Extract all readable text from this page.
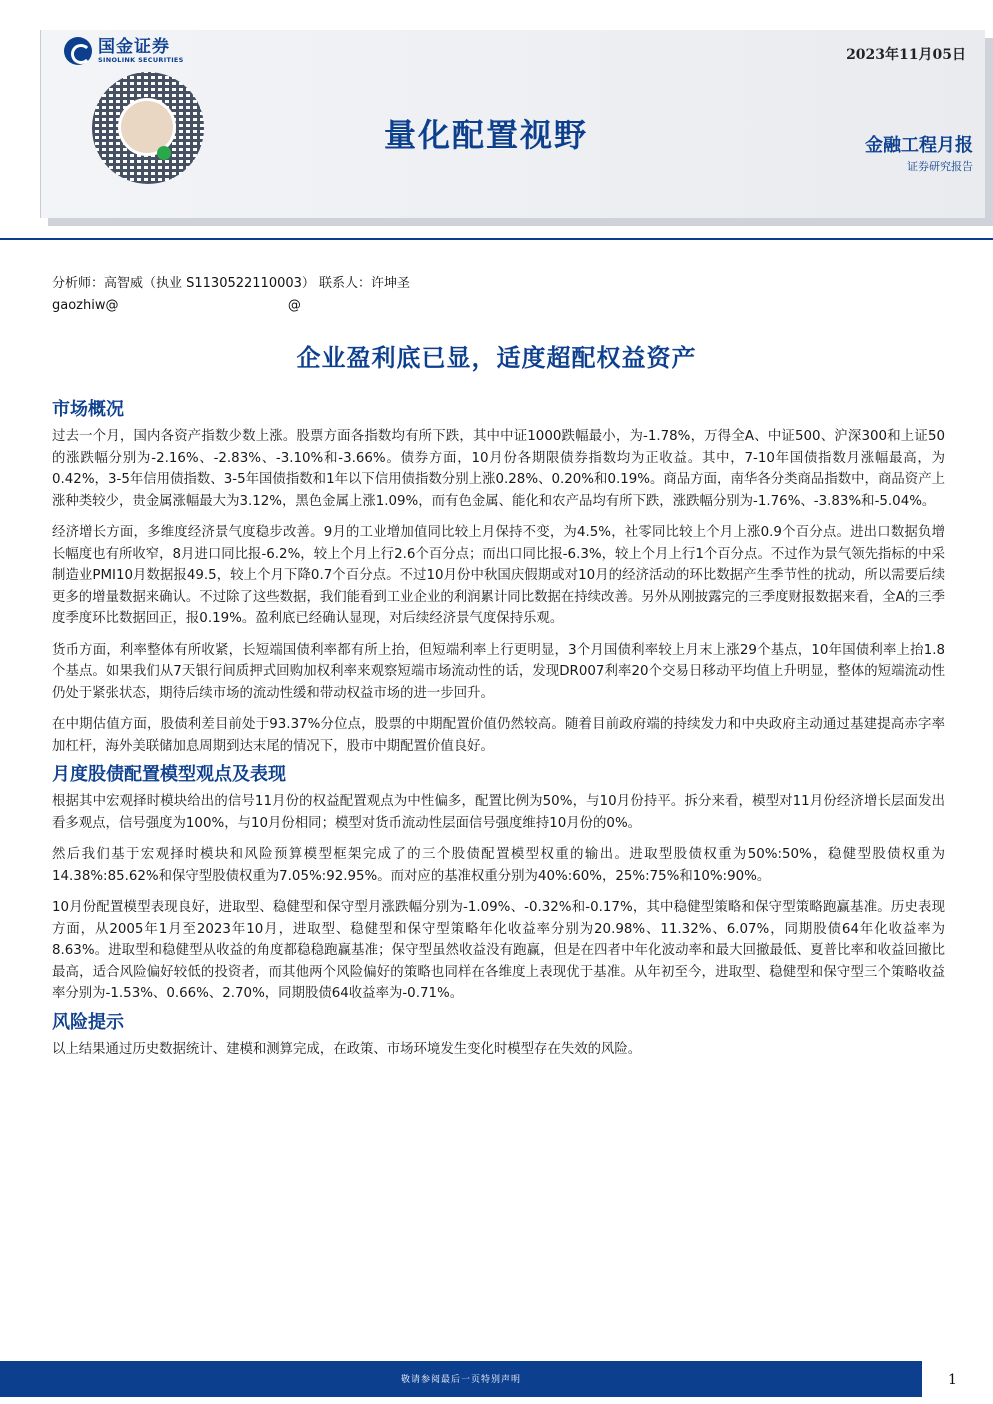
国金证券
SINOLINK SECURITIES	2023年11月05日
量化配置视野	金融工程月报
证券研究报告
分析师：高智威（执业 S1130522110003） 联系人：许坤圣
gaozhiw@                                         @
企业盈利底已显，适度超配权益资产
市场概况

过去一个月，国内各资产指数少数上涨。股票方面各指数均有所下跌，其中中证1000跌幅最小，为-1.78%，万得全A、中证500、沪深300和上证50的涨跌幅分别为-2.16%、-2.83%、-3.10%和-3.66%。债券方面，10月份各期限债券指数均为正收益。其中，7-10年国债指数月涨幅最高，为0.42%，3-5年信用债指数、3-5年国债指数和1年以下信用债指数分别上涨0.28%、0.20%和0.19%。商品方面，南华各分类商品指数中，商品资产上涨种类较少，贵金属涨幅最大为3.12%，黑色金属上涨1.09%，而有色金属、能化和农产品均有所下跌，涨跌幅分别为-1.76%、-3.83%和-5.04%。

经济增长方面，多维度经济景气度稳步改善。9月的工业增加值同比较上月保持不变，为4.5%，社零同比较上个月上涨0.9个百分点。进出口数据负增长幅度也有所收窄，8月进口同比报-6.2%，较上个月上行2.6个百分点；而出口同比报-6.3%，较上个月上行1个百分点。不过作为景气领先指标的中采制造业PMI10月数据报49.5，较上个月下降0.7个百分点。不过10月份中秋国庆假期或对10月的经济活动的环比数据产生季节性的扰动，所以需要后续更多的增量数据来确认。不过除了这些数据，我们能看到工业企业的利润累计同比数据在持续改善。另外从刚披露完的三季度财报数据来看，全A的三季度季度环比数据回正，报0.19%。盈利底已经确认显现，对后续经济景气度保持乐观。

货币方面，利率整体有所收紧，长短端国债利率都有所上抬，但短端利率上行更明显，3个月国债利率较上月末上涨29个基点，10年国债利率上抬1.8个基点。如果我们从7天银行间质押式回购加权利率来观察短端市场流动性的话，发现DR007利率20个交易日移动平均值上升明显，整体的短端流动性仍处于紧张状态，期待后续市场的流动性缓和带动权益市场的进一步回升。

在中期估值方面，股债利差目前处于93.37%分位点，股票的中期配置价值仍然较高。随着目前政府端的持续发力和中央政府主动通过基建提高赤字率加杠杆，海外美联储加息周期到达末尾的情况下，股市中期配置价值良好。

月度股债配置模型观点及表现

根据其中宏观择时模块给出的信号11月份的权益配置观点为中性偏多，配置比例为50%，与10月份持平。拆分来看，模型对11月份经济增长层面发出看多观点，信号强度为100%，与10月份相同；模型对货币流动性层面信号强度维持10月份的0%。

然后我们基于宏观择时模块和风险预算模型框架完成了的三个股债配置模型权重的输出。进取型股债权重为50%:50%，稳健型股债权重为14.38%:85.62%和保守型股债权重为7.05%:92.95%。而对应的基准权重分别为40%:60%，25%:75%和10%:90%。

10月份配置模型表现良好，进取型、稳健型和保守型月涨跌幅分别为-1.09%、-0.32%和-0.17%，其中稳健型策略和保守型策略跑赢基准。历史表现方面，从2005年1月至2023年10月，进取型、稳健型和保守型策略年化收益率分别为20.98%、11.32%、6.07%，同期股债64年化收益率为8.63%。进取型和稳健型从收益的角度都稳稳跑赢基准；保守型虽然收益没有跑赢，但是在四者中年化波动率和最大回撤最低、夏普比率和收益回撤比最高，适合风险偏好较低的投资者，而其他两个风险偏好的策略也同样在各维度上表现优于基准。从年初至今，进取型、稳健型和保守型三个策略收益率分别为-1.53%、0.66%、2.70%，同期股债64收益率为-0.71%。

风险提示

以上结果通过历史数据统计、建模和测算完成，在政策、市场环境发生变化时模型存在失效的风险。

敬请参阅最后一页特别声明	1
